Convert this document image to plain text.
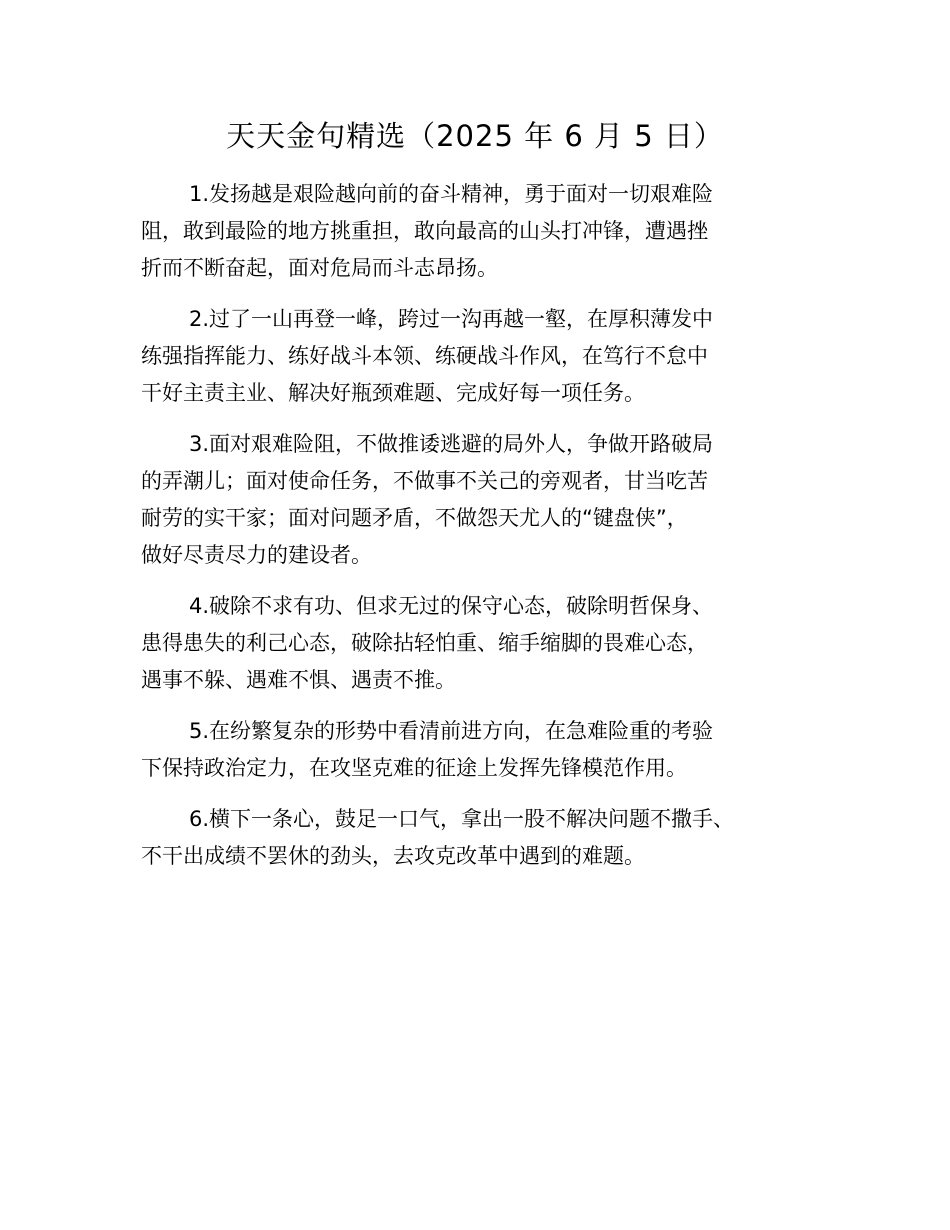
天天金句精选（2025 年 6 月 5 日）

1.发扬越是艰险越向前的奋斗精神，勇于面对一切艰难险
阻，敢到最险的地方挑重担，敢向最高的山头打冲锋，遭遇挫
折而不断奋起，面对危局而斗志昂扬。

2.过了一山再登一峰，跨过一沟再越一壑，在厚积薄发中
练强指挥能力、练好战斗本领、练硬战斗作风，在笃行不怠中
干好主责主业、解决好瓶颈难题、完成好每一项任务。

3.面对艰难险阻，不做推诿逃避的局外人，争做开路破局
的弄潮儿；面对使命任务，不做事不关己的旁观者，甘当吃苦
耐劳的实干家；面对问题矛盾，不做怨天尤人的“键盘侠”，
做好尽责尽力的建设者。

4.破除不求有功、但求无过的保守心态，破除明哲保身、
患得患失的利己心态，破除拈轻怕重、缩手缩脚的畏难心态，
遇事不躲、遇难不惧、遇责不推。

5.在纷繁复杂的形势中看清前进方向，在急难险重的考验
下保持政治定力，在攻坚克难的征途上发挥先锋模范作用。

6.横下一条心，鼓足一口气，拿出一股不解决问题不撒手、
不干出成绩不罢休的劲头，去攻克改革中遇到的难题。
